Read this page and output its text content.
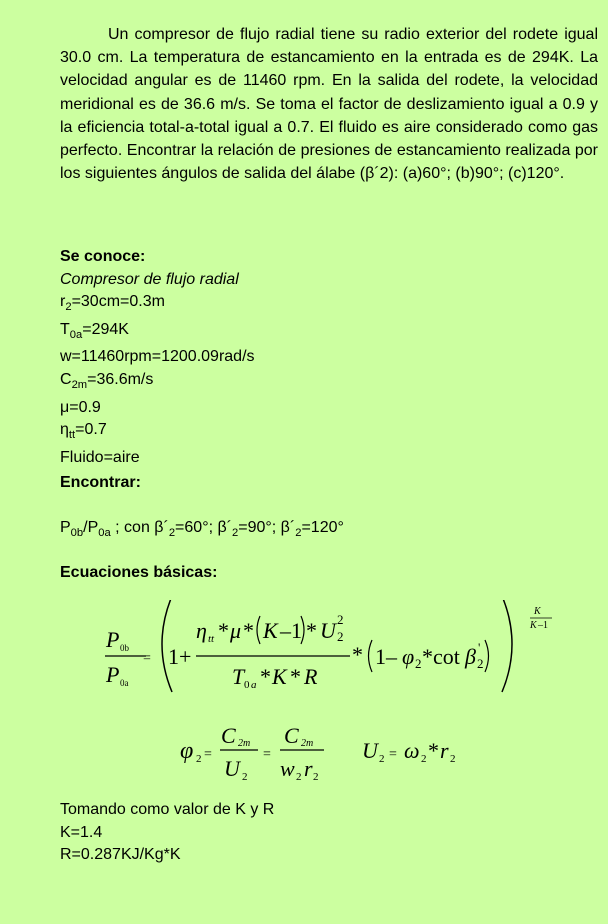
Un compresor de flujo radial tiene su radio exterior del rodete igual 30.0 cm. La temperatura de estancamiento en la entrada es de 294K. La velocidad angular es de 11460 rpm. En la salida del rodete, la velocidad meridional es de 36.6 m/s. Se toma el factor de deslizamiento igual a 0.9 y la eficiencia total-a-total igual a 0.7. El fluido es aire considerado como gas perfecto. Encontrar la relación de presiones de estancamiento realizada por los siguientes ángulos de salida del álabe (β´2): (a)60°; (b)90°; (c)120°.

Se conoce:
Compresor de flujo radial
$r_2=30cm=0.3m$
$T_{0a}=294K$
w=11460rpm=1200.09rad/s
$C_{2m}=36.6m/s$
μ=0.9
$\eta_{tt}=0.7$
Fluido=aire
Encontrar:
$P_{0b}/P_{0a}$ ; con $\beta´_2=60^\circ$; $\beta´_2=90^\circ$; $\beta´_2=120^\circ$
Ecuaciones básicas:
P 0b
P 0a
= 1+
η tt * μ * K –1 * U 2
2
T 0 a * K * R
* 1– φ 2 *cot β '
2
K
K –1
φ 2 =
C 2m
U 2
=
C 2m
w 2 r 2
U 2 = ω 2 * r 2
Tomando como valor de K y R
K=1.4
R=0.287KJ/Kg*K
